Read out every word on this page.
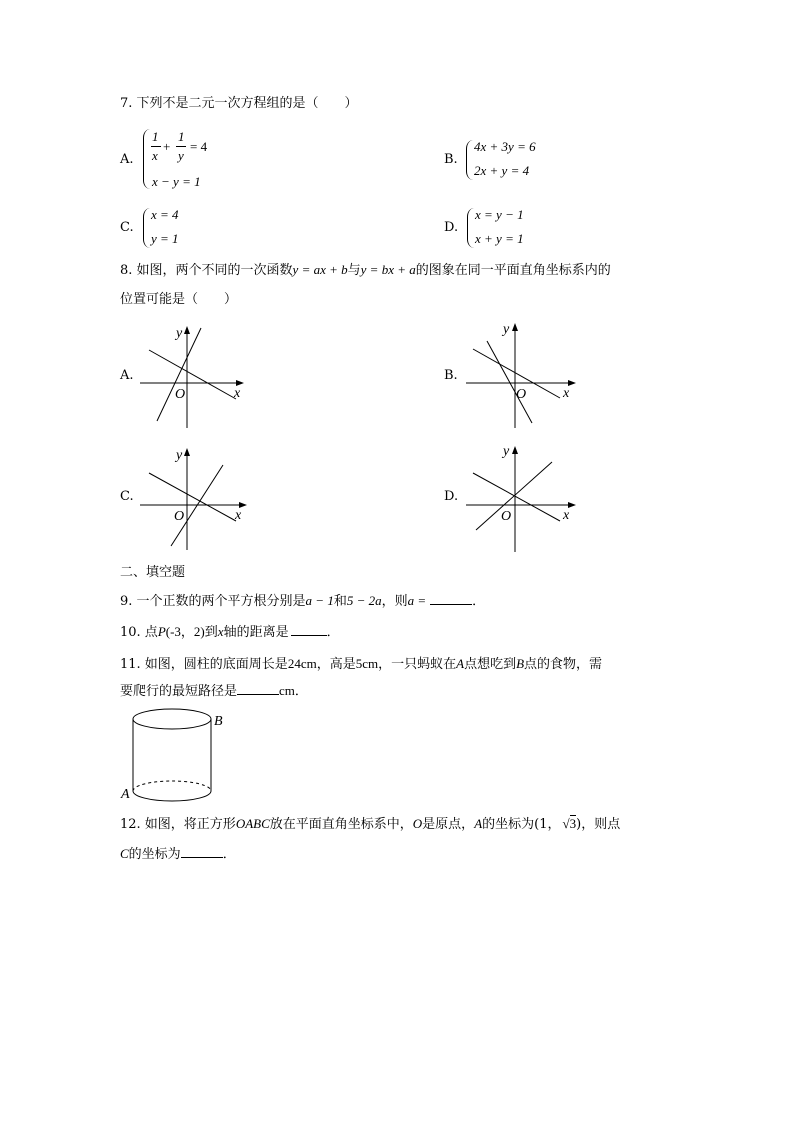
7. 下列不是二元一次方程组的是（　　）
A.
1
x
+
1
y
= 4
x − y = 1
B.
4x + 3y = 6
2x + y = 4
C.
x = 4
y = 1
D.
x = y − 1
x + y = 1
8. 如图，两个不同的一次函数y = ax + b与y = bx + a的图象在同一平面直角坐标系内的
位置可能是（　　）
A.	B.
C.	D.
y
x
O
y
x
O
y
x
O
y
x
O
二、填空题
9. 一个正数的两个平方根分别是a − 1和5 − 2a，则a =	．
10. 点P(-3，2)到x轴的距离是	．
11. 如图，圆柱的底面周长是24cm，高是5cm，一只蚂蚁在A点想吃到B点的食物，需
要爬行的最短路径是	cm．
B
A
12. 如图，将正方形OABC放在平面直角坐标系中，O是原点，A的坐标为(1， √3)，则点
C的坐标为	．
